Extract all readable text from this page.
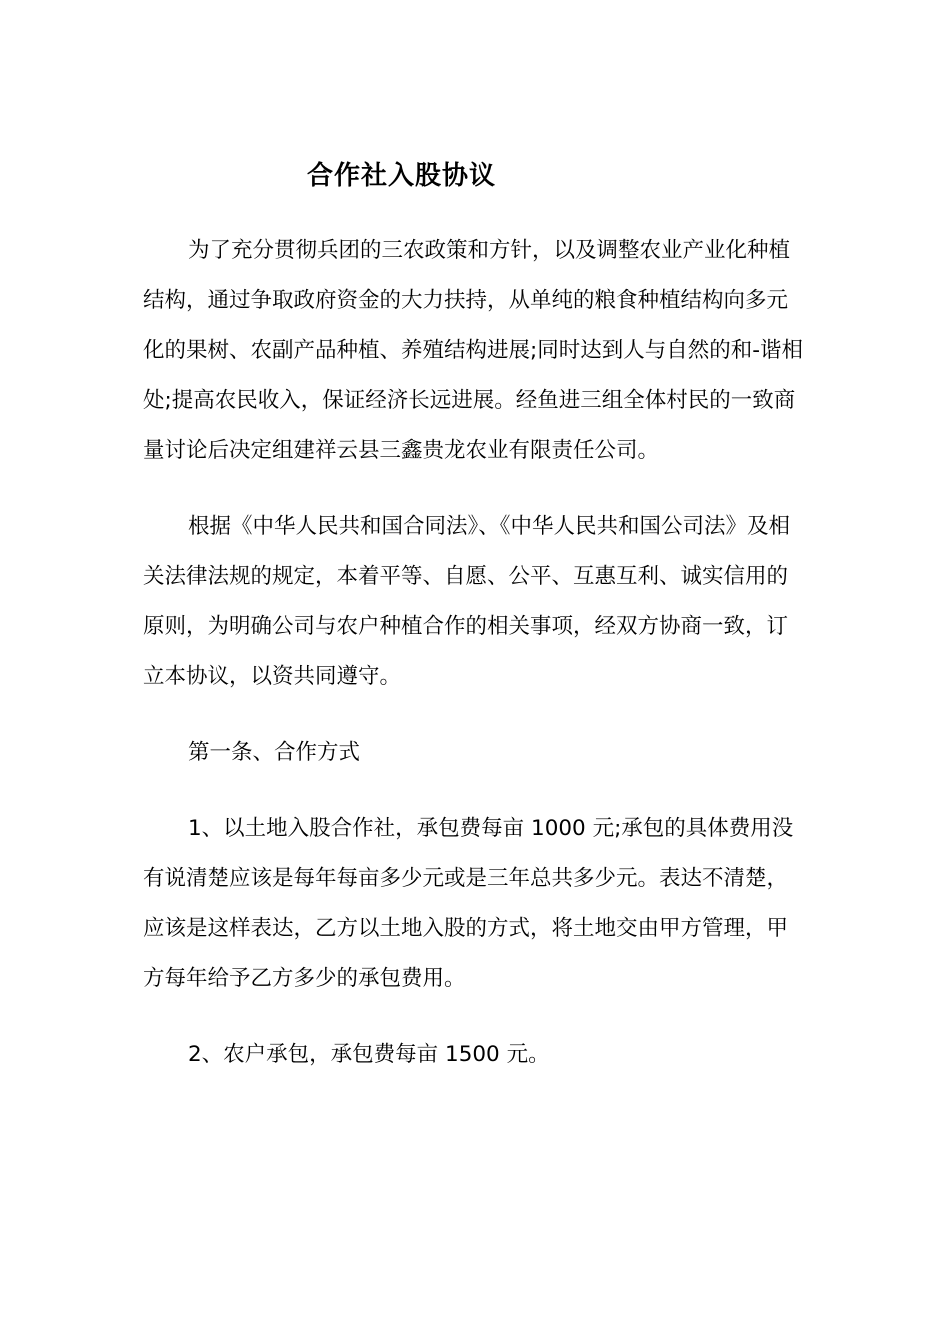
合作社入股协议

为了充分贯彻兵团的三农政策和方针，以及调整农业产业化种植结构，通过争取政府资金的大力扶持，从单纯的粮食种植结构向多元化的果树、农副产品种植、养殖结构进展;同时达到人与自然的和-谐相处;提高农民收入，保证经济长远进展。经鱼进三组全体村民的一致商量讨论后决定组建祥云县三鑫贵龙农业有限责任公司。

根据《中华人民共和国合同法》、《中华人民共和国公司法》及相关法律法规的规定，本着平等、自愿、公平、互惠互利、诚实信用的原则，为明确公司与农户种植合作的相关事项，经双方协商一致，订立本协议，以资共同遵守。

第一条、合作方式

1、以土地入股合作社，承包费每亩 1000 元;承包的具体费用没有说清楚应该是每年每亩多少元或是三年总共多少元。表达不清楚，应该是这样表达，乙方以土地入股的方式，将土地交由甲方管理，甲方每年给予乙方多少的承包费用。

2、农户承包，承包费每亩 1500 元。
